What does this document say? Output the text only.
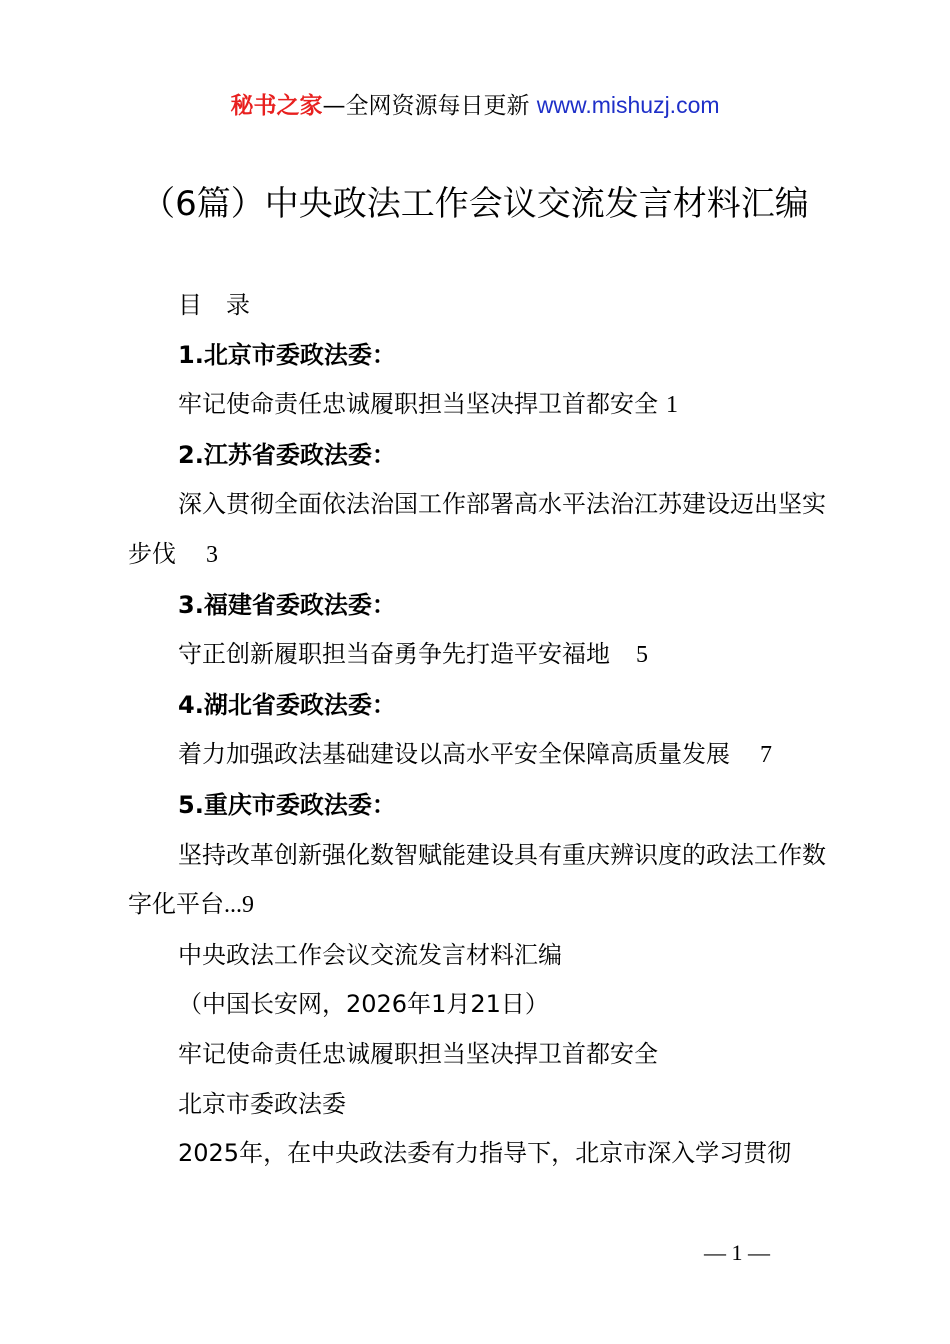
秘书之家—全网资源每日更新 www.mishuzj.com
（6篇）中央政法工作会议交流发言材料汇编

目　录

1.北京市委政法委：

牢记使命责任忠诚履职担当坚决捍卫首都安全 1

2.江苏省委政法委：

深入贯彻全面依法治国工作部署高水平法治江苏建设迈出坚实步伐 3

3.福建省委政法委：

守正创新履职担当奋勇争先打造平安福地 5

4.湖北省委政法委：

着力加强政法基础建设以高水平安全保障高质量发展 7

5.重庆市委政法委：

坚持改革创新强化数智赋能建设具有重庆辨识度的政法工作数字化平台...9

中央政法工作会议交流发言材料汇编

（中国长安网，2026年1月21日）

牢记使命责任忠诚履职担当坚决捍卫首都安全

北京市委政法委

2025年，在中央政法委有力指导下，北京市深入学习贯彻

— 1 —
